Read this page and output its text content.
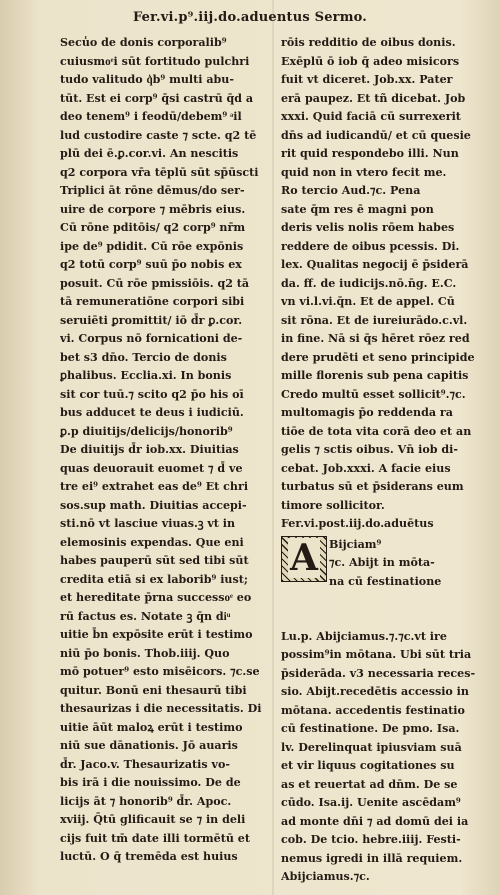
Fer.vi.p⁹.iij.do.aduentus Sermo.
Secu̾o de donis corporalib⁹
cuiusmoͤi sūt fortitudo pulchri
tudo valitudo q͛b⁹ multi abu-
tūt. Est ei corp⁹ q̄si castrū q̄d a
deo tenem⁹ i feodū/debem⁹ ͣil
lud custodire caste ⁊ scte. q2 tē
plū dei ē.ꝑ.cor.vi. An nescitis
q2 corpora vr̄a tēplū sūt sp̄ūscti
Triplici āt rōne dēmus/do ser-
uire de corpore ⁊ mēbris eius.
Cū rōne pditōis/ q2 corp⁹ nr̄m
ipe de⁹ pdidit. Cū rōe expōnis
q2 totū corp⁹ suū p̄o nobis ex
posuit. Cū rōe pmissiōis. q2 tā
tā remuneratiōne corpori sibi
seruiēti ꝑromittit/ iō d̄r ꝑ.cor.
vi. Corpus nō fornicationi de-
bet s3 dn̄o. Tercio de donis
ꝑhalibus. Ecclia.xi. In bonis
sit cor tuū.⁊ scito q2 p̄o his oī
bus adducet te deus i iudiciū.
ꝑ.p diuitijs/delicijs/honorib⁹
De diuitijs d̄r iob.xx. Diuitias
quas deuorauit euomet ⁊ d̄ ve
tre ei⁹ extrahet eas de⁹ Et chri
sos.sup math. Diuitias accepi-
sti.nō vt lasciue viuas.ꝫ vt in
elemosinis expendas. Que eni
habes pauperū sūt sed tibi sūt
credita etiā si ex laborib⁹ iust;
et hereditate p̄rna successoͤ eo
rū factus es. Notate ꝫ q̄n diͧ
uitie b̄n expōsite erūt i testimo
niū p̄o bonis. Thob.iiij. Quo
mō potuer⁹ esto misēicors. ⁊c.se
quitur. Bonū eni thesaurū tibi
thesaurizas i die necessitatis. Di
uitie āūt maloꝝ erūt i testimo
niū sue dānationis. Jō auaris
d̄r. Jaco.v. Thesaurizatis vo-
bis irā i die nouissimo. De de
licijs āt ⁊ honorib⁹ d̄r. Apoc.
xviij. Q̄tū glificauit se ⁊ in deli
cijs fuit tm̄ date illi tormētū et
luctū. O q̄ tremēda est huius
rōis redditio de oibus donis.
Exēplū ō iob q̄ adeo misicors
fuit vt diceret. Job.xx. Pater
erā paupez. Et tñ dicebat. Job
xxxi. Quid faciā cū surrexerit
dn̄s ad iudicandū/ et cū quesie
rit quid respondebo illi. Nun
quid non in vtero fecit me.
Ro tercio Aud.⁊c. Pena
sate q̄m res ē magni pon
deris velis nolis rōem habes
reddere de oibus pcessis. Di.
lex. Qualitas negocij ē p̄siderā
da. ff. de iudicijs.nō.n̄g. E.C.
vn vi.l.vi.q̄n. Et de appel. Cū
sit rōna. Et de iureiurādo.c.vl.
in fine. Nā si q̄s hēret rōez red
dere prudēti et seno principide
mille florenis sub pena capitis
Credo multū esset sollicit⁹.⁊c.
multomagis p̄o reddenda ra
tiōe de tota vita corā deo et an
gelis ⁊ sctis oibus. Vn̄ iob di-
cebat. Job.xxxi. A facie eius
turbatus sū et p̄siderans eum
timore sollicitor.
Fer.vi.post.iij.do.aduētus
A Bijciam⁹
⁊c. Abijt in mōta-
na cū festinatione
Lu.p. Abijciamus.⁊.⁊c.vt ire
possim⁹in mōtana. Ubi sūt tria
p̄siderāda. v3 necessaria reces-
sio. Abijt.recedētis accessio in
mōtana. accedentis festinatio
cū festinatione. De pmo. Isa.
lv. Derelinquat ipiusviam suā
et vir liquus cogitationes su
as et reuertat ad dn̄m. De se
cūdo. Isa.ij. Uenite ascēdam⁹
ad monte dn̄i ⁊ ad domū dei ia
cob. De tcio. hebre.iiij. Festi-
nemus igredi in illā requiem.
Abijciamus.⁊c.
